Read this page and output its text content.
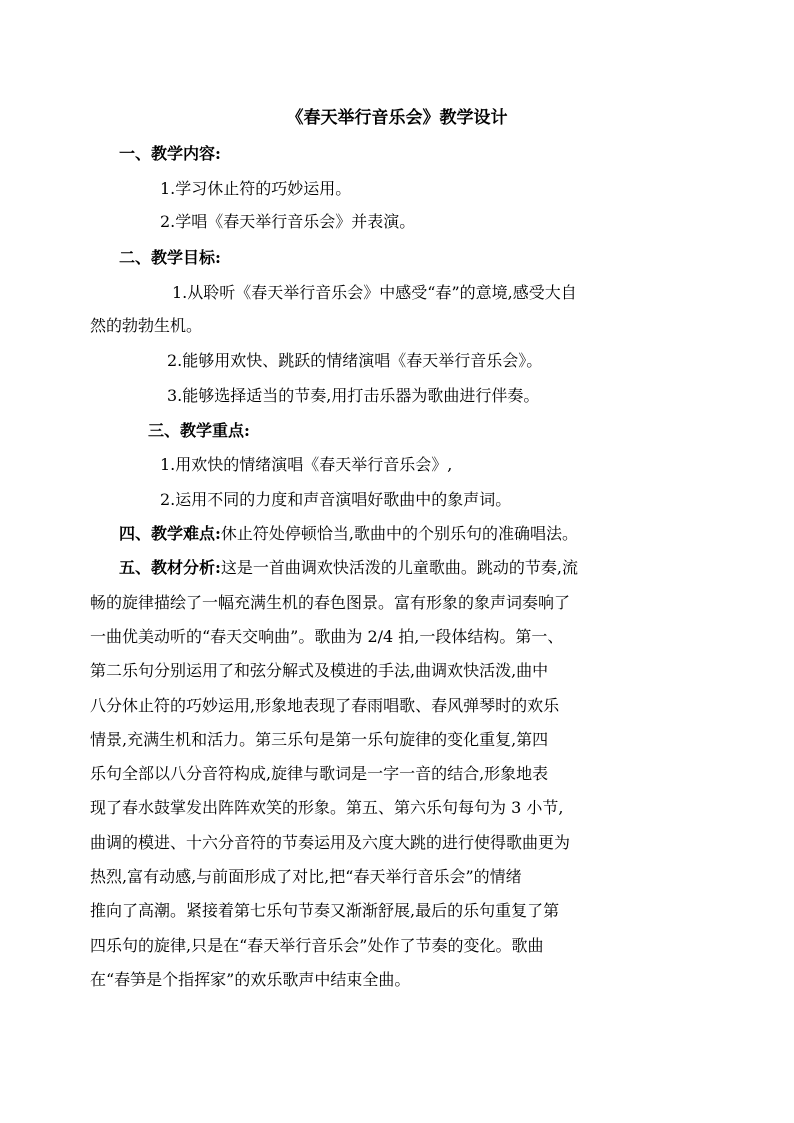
《春天举行音乐会》教学设计
一、教学内容:
1.学习休止符的巧妙运用。
2.学唱《春天举行音乐会》并表演。
二、教学目标:
1.从聆听《春天举行音乐会》中感受“春”的意境,感受大自
然的勃勃生机。
2.能够用欢快、跳跃的情绪演唱《春天举行音乐会》。
3.能够选择适当的节奏,用打击乐器为歌曲进行伴奏。
三、教学重点:
1.用欢快的情绪演唱《春天举行音乐会》,
2.运用不同的力度和声音演唱好歌曲中的象声词。
四、教学难点:休止符处停顿恰当,歌曲中的个别乐句的准确唱法。
五、教材分析:这是一首曲调欢快活泼的儿童歌曲。跳动的节奏,流
畅的旋律描绘了一幅充满生机的春色图景。富有形象的象声词奏响了
一曲优美动听的“春天交响曲”。歌曲为 2/4 拍,一段体结构。第一、
第二乐句分别运用了和弦分解式及模进的手法,曲调欢快活泼,曲中
八分休止符的巧妙运用,形象地表现了春雨唱歌、春风弹琴时的欢乐
情景,充满生机和活力。第三乐句是第一乐句旋律的变化重复,第四
乐句全部以八分音符构成,旋律与歌词是一字一音的结合,形象地表
现了春水鼓掌发出阵阵欢笑的形象。第五、第六乐句每句为 3 小节,
曲调的模进、十六分音符的节奏运用及六度大跳的进行使得歌曲更为
热烈,富有动感,与前面形成了对比,把“春天举行音乐会”的情绪
推向了高潮。紧接着第七乐句节奏又渐渐舒展,最后的乐句重复了第
四乐句的旋律,只是在“春天举行音乐会”处作了节奏的变化。歌曲
在“春笋是个指挥家”的欢乐歌声中结束全曲。
